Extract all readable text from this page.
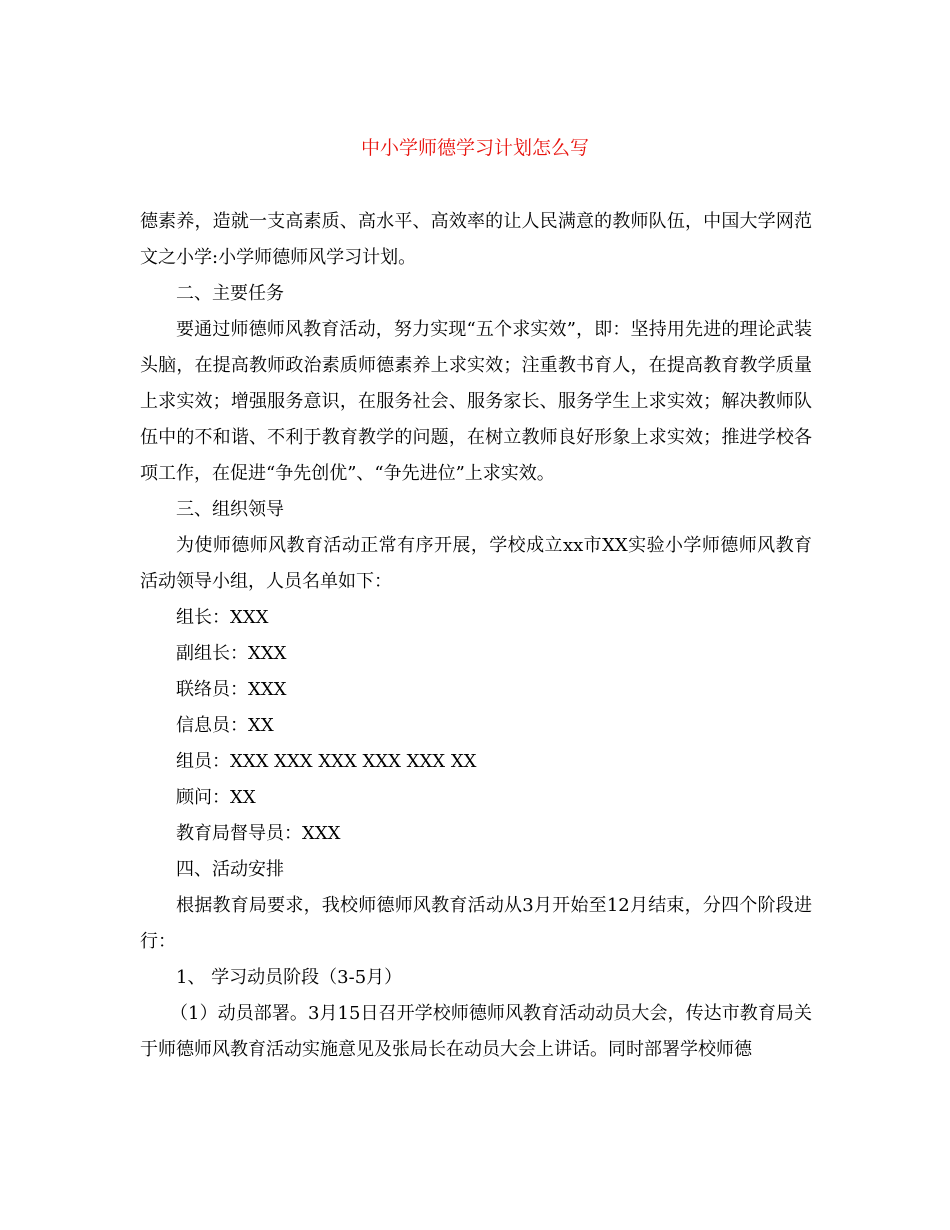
中小学师德学习计划怎么写

德素养，造就一支高素质、高水平、高效率的让人民满意的教师队伍，中国大学网范文之小学:小学师德师风学习计划。

二、主要任务

要通过师德师风教育活动，努力实现“五个求实效”，即：坚持用先进的理论武装头脑，在提高教师政治素质师德素养上求实效；注重教书育人，在提高教育教学质量上求实效；增强服务意识，在服务社会、服务家长、服务学生上求实效；解决教师队伍中的不和谐、不利于教育教学的问题，在树立教师良好形象上求实效；推进学校各项工作，在促进“争先创优”、“争先进位”上求实效。

三、组织领导

为使师德师风教育活动正常有序开展，学校成立xx市XX实验小学师德师风教育活动领导小组，人员名单如下：

组长：XXX

副组长：XXX

联络员：XXX

信息员：XX

组员：XXX XXX XXX XXX XXX XX

顾问：XX

教育局督导员：XXX

四、活动安排

根据教育局要求，我校师德师风教育活动从3月开始至12月结束，分四个阶段进行：

1、 学习动员阶段（3-5月）

（1）动员部署。3月15日召开学校师德师风教育活动动员大会，传达市教育局关于师德师风教育活动实施意见及张局长在动员大会上讲话。同时部署学校师德
